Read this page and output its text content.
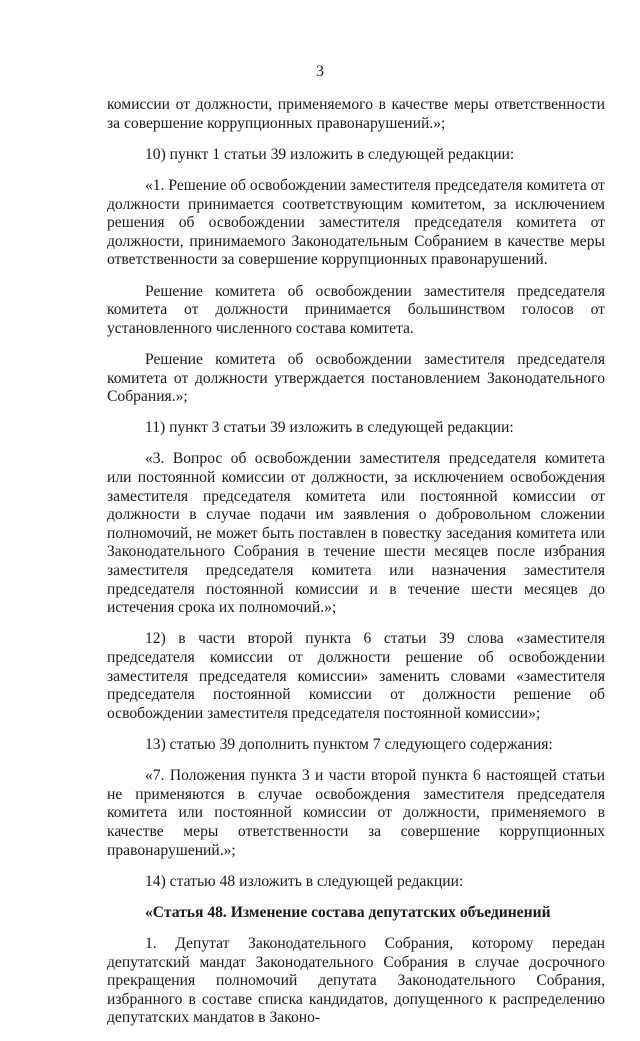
3

комиссии от должности, применяемого в качестве меры ответственности за совершение коррупционных правонарушений.»;

10) пункт 1 статьи 39 изложить в следующей редакции:

«1. Решение об освобождении заместителя председателя комитета от должности принимается соответствующим комитетом, за исключением решения об освобождении заместителя председателя комитета от должности, принимаемого Законодательным Собранием в качестве меры ответственности за совершение коррупционных правонарушений.

Решение комитета об освобождении заместителя председателя комитета от должности принимается большинством голосов от установленного численного состава комитета.

Решение комитета об освобождении заместителя председателя комитета от должности утверждается постановлением Законодательного Собрания.»;

11) пункт 3 статьи 39 изложить в следующей редакции:

«3. Вопрос об освобождении заместителя председателя комитета или постоянной комиссии от должности, за исключением освобождения заместителя председателя комитета или постоянной комиссии от должности в случае подачи им заявления о добровольном сложении полномочий, не может быть поставлен в повестку заседания комитета или Законодательного Собрания в течение шести месяцев после избрания заместителя председателя комитета или назначения заместителя председателя постоянной комиссии и в течение шести месяцев до истечения срока их полномочий.»;

12) в части второй пункта 6 статьи 39 слова «заместителя председателя комиссии от должности решение об освобождении заместителя председателя комиссии» заменить словами «заместителя председателя постоянной комиссии от должности решение об освобождении заместителя председателя постоянной комиссии»;

13) статью 39 дополнить пунктом 7 следующего содержания:

«7. Положения пункта 3 и части второй пункта 6 настоящей статьи не применяются в случае освобождения заместителя председателя комитета или постоянной комиссии от должности, применяемого в качестве меры ответственности за совершение коррупционных правонарушений.»;

14) статью 48 изложить в следующей редакции:

«Статья 48. Изменение состава депутатских объединений

1. Депутат Законодательного Собрания, которому передан депутатский мандат Законодательного Собрания в случае досрочного прекращения полномочий депутата Законодательного Собрания, избранного в составе списка кандидатов, допущенного к распределению депутатских мандатов в Законо-
